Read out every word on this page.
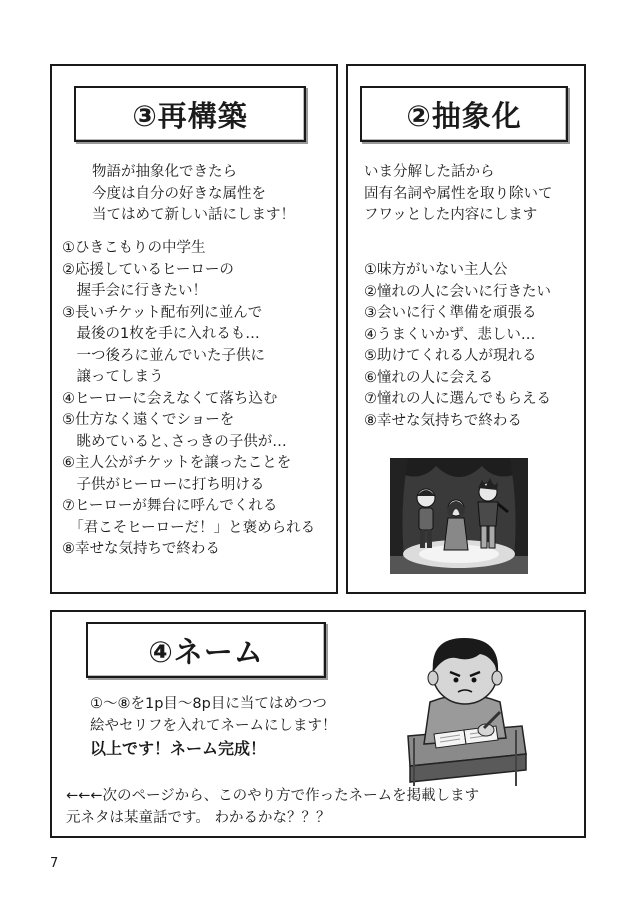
③再構築
物語が抽象化できたら
今度は自分の好きな属性を
当てはめて新しい話にします！
①ひきこもりの中学生
②応援しているヒーローの
　握手会に行きたい！
③長いチケット配布列に並んで
　最後の1枚を手に入れるも…
　一つ後ろに並んでいた子供に
　譲ってしまう
④ヒーローに会えなくて落ち込む
⑤仕方なく遠くでショーを
　眺めていると､さっきの子供が…
⑥主人公がチケットを譲ったことを
　子供がヒーローに打ち明ける
⑦ヒーローが舞台に呼んでくれる
　「君こそヒーローだ！」と褒められる
⑧幸せな気持ちで終わる
②抽象化
いま分解した話から
固有名詞や属性を取り除いて
フワッとした内容にします
①味方がいない主人公
②憧れの人に会いに行きたい
③会いに行く準備を頑張る
④うまくいかず、悲しい…
⑤助けてくれる人が現れる
⑥憧れの人に会える
⑦憧れの人に選んでもらえる
⑧幸せな気持ちで終わる
④ネーム
①〜⑧を1p目〜8p目に当てはめつつ
絵やセリフを入れてネームにします！
以上です！ネーム完成！
←←←次のページから、このやり方で作ったネームを掲載します
元ネタは某童話です。 わかるかな？？？
7
